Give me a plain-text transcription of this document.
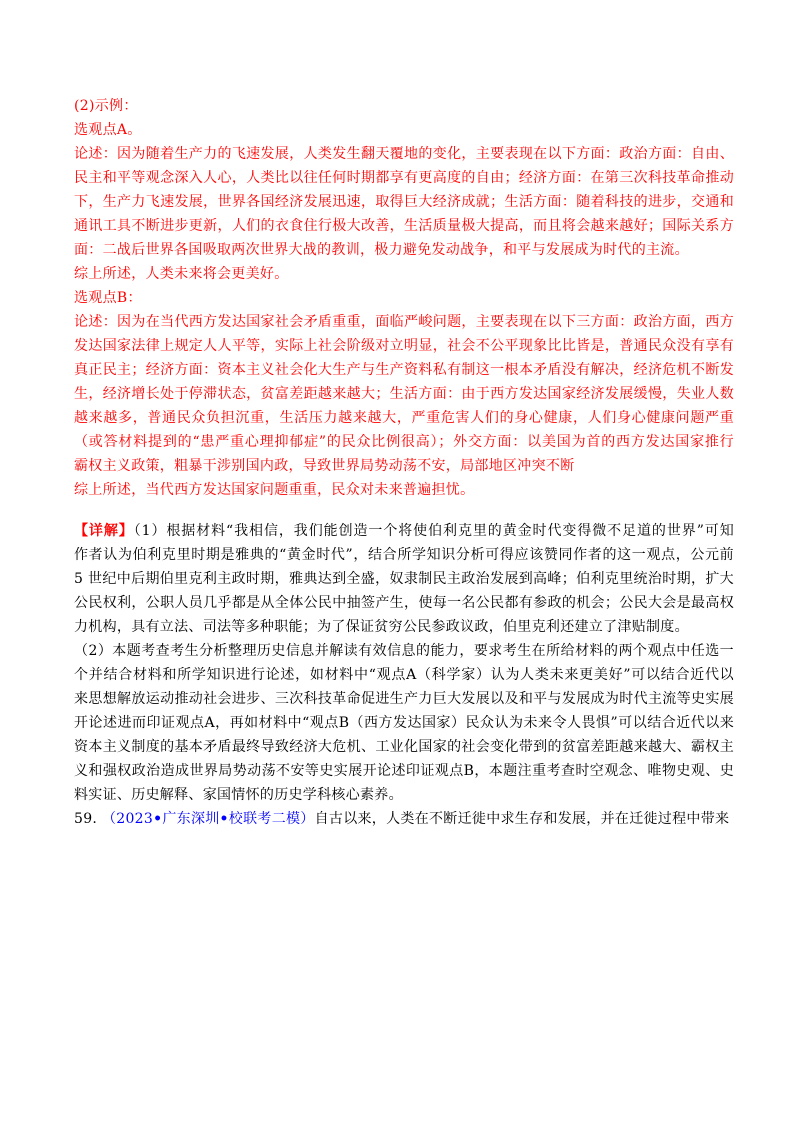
(2)示例：
选观点A。
论述：因为随着生产力的飞速发展，人类发生翻天覆地的变化，主要表现在以下方面：政治方面：自由、
民主和平等观念深入人心，人类比以往任何时期都享有更高度的自由；经济方面：在第三次科技革命推动
下，生产力飞速发展，世界各国经济发展迅速，取得巨大经济成就；生活方面：随着科技的进步，交通和
通讯工具不断进步更新，人们的衣食住行极大改善，生活质量极大提高，而且将会越来越好；国际关系方
面：二战后世界各国吸取两次世界大战的教训，极力避免发动战争，和平与发展成为时代的主流。
综上所述，人类未来将会更美好。
选观点B：
论述：因为在当代西方发达国家社会矛盾重重，面临严峻问题，主要表现在以下三方面：政治方面，西方
发达国家法律上规定人人平等，实际上社会阶级对立明显，社会不公平现象比比皆是，普通民众没有享有
真正民主；经济方面：资本主义社会化大生产与生产资料私有制这一根本矛盾没有解决，经济危机不断发
生，经济增长处于停滞状态，贫富差距越来越大；生活方面：由于西方发达国家经济发展缓慢，失业人数
越来越多，普通民众负担沉重，生活压力越来越大，严重危害人们的身心健康，人们身心健康问题严重
（或答材料提到的“患严重心理抑郁症”的民众比例很高）；外交方面：以美国为首的西方发达国家推行
霸权主义政策，粗暴干涉别国内政，导致世界局势动荡不安，局部地区冲突不断
综上所述，当代西方发达国家问题重重，民众对未来普遍担忧。
【详解】（1）根据材料“我相信，我们能创造一个将使伯利克里的黄金时代变得微不足道的世界”可知
作者认为伯利克里时期是雅典的“黄金时代”，结合所学知识分析可得应该赞同作者的这一观点，公元前
5 世纪中后期伯里克利主政时期，雅典达到全盛，奴隶制民主政治发展到高峰；伯利克里统治时期，扩大
公民权利，公职人员几乎都是从全体公民中抽签产生，使每一名公民都有参政的机会；公民大会是最高权
力机构，具有立法、司法等多种职能；为了保证贫穷公民参政议政，伯里克利还建立了津贴制度。
（2）本题考查考生分析整理历史信息并解读有效信息的能力，要求考生在所给材料的两个观点中任选一
个并结合材料和所学知识进行论述，如材料中“观点A（科学家）认为人类未来更美好”可以结合近代以
来思想解放运动推动社会进步、三次科技革命促进生产力巨大发展以及和平与发展成为时代主流等史实展
开论述进而印证观点A，再如材料中“观点B（西方发达国家）民众认为未来令人畏惧”可以结合近代以来
资本主义制度的基本矛盾最终导致经济大危机、工业化国家的社会变化带到的贫富差距越来越大、霸权主
义和强权政治造成世界局势动荡不安等史实展开论述印证观点B，本题注重考查时空观念、唯物史观、史
料实证、历史解释、家国情怀的历史学科核心素养。
59. （2023•广东深圳•校联考二模）自古以来，人类在不断迁徙中求生存和发展，并在迁徙过程中带来
